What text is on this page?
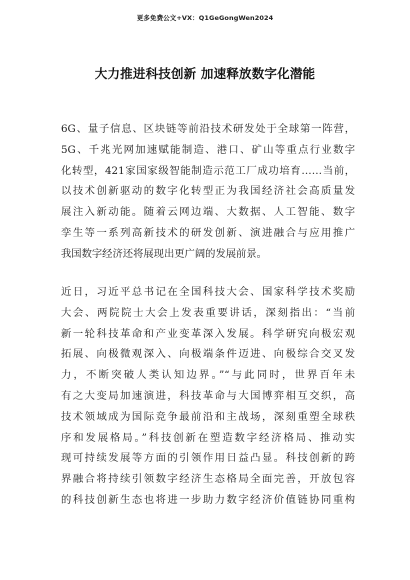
更多免费公文+VX：Q1GeGongWen2024
大力推进科技创新 加速释放数字化潜能
6G、量子信息、区块链等前沿技术研发处于全球第一阵营，
5G、千兆光网加速赋能制造、港口、矿山等重点行业数字
化转型，421家国家级智能制造示范工厂成功培育……当前，
以技术创新驱动的数字化转型正为我国经济社会高质量发
展注入新动能。随着云网边端、大数据、人工智能、数字
孪生等一系列高新技术的研发创新、演进融合与应用推广
我国数字经济还将展现出更广阔的发展前景。
近日，习近平总书记在全国科技大会、国家科学技术奖励
大会、两院院士大会上发表重要讲话，深刻指出：“当前
新一轮科技革命和产业变革深入发展。科学研究向极宏观
拓展、向极微观深入、向极端条件迈进、向极综合交叉发
力，不断突破人类认知边界。”“与此同时，世界百年未
有之大变局加速演进，科技革命与大国博弈相互交织，高
技术领域成为国际竞争最前沿和主战场，深刻重塑全球秩
序和发展格局。”科技创新在塑造数字经济格局、推动实
现可持续发展等方面的引领作用日益凸显。科技创新的跨
界融合将持续引领数字经济生态格局全面完善，开放包容
的科技创新生态也将进一步助力数字经济价值链协同重构
